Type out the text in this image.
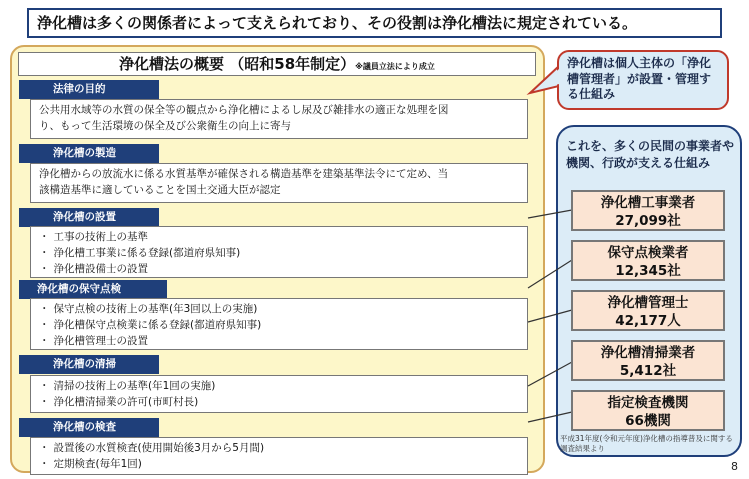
浄化槽は多くの関係者によって支えられており、その役割は浄化槽法に規定されている。
浄化槽法の概要 （昭和58年制定）※議員立法により成立
法律の目的
公共用水域等の水質の保全等の観点から浄化槽によるし尿及び雑排水の適正な処理を図
り、もって生活環境の保全及び公衆衛生の向上に寄与
浄化槽の製造
浄化槽からの放流水に係る水質基準が確保される構造基準を建築基準法令にて定め、当
該構造基準に適していることを国土交通大臣が認定
浄化槽の設置
・ 工事の技術上の基準
・ 浄化槽工事業に係る登録(都道府県知事)
・ 浄化槽設備士の設置
浄化槽の保守点検
・ 保守点検の技術上の基準(年3回以上の実施)
・ 浄化槽保守点検業に係る登録(都道府県知事)
・ 浄化槽管理士の設置
浄化槽の清掃
・ 清掃の技術上の基準(年1回の実施)
・ 浄化槽清掃業の許可(市町村長)
浄化槽の検査
・ 設置後の水質検査(使用開始後3月から5月間)
・ 定期検査(毎年1回)
浄化槽は個人主体の「浄化槽管理者」が設置・管理する仕組み
これを、多くの民間の事業者や機関、行政が支える仕組み
浄化槽工事業者
27,099社
保守点検業者
12,345社
浄化槽管理士
42,177人
浄化槽清掃業者
5,412社
指定検査機関
66機関
平成31年度(令和元年度)浄化槽の指導普及に関する調査結果より
8
